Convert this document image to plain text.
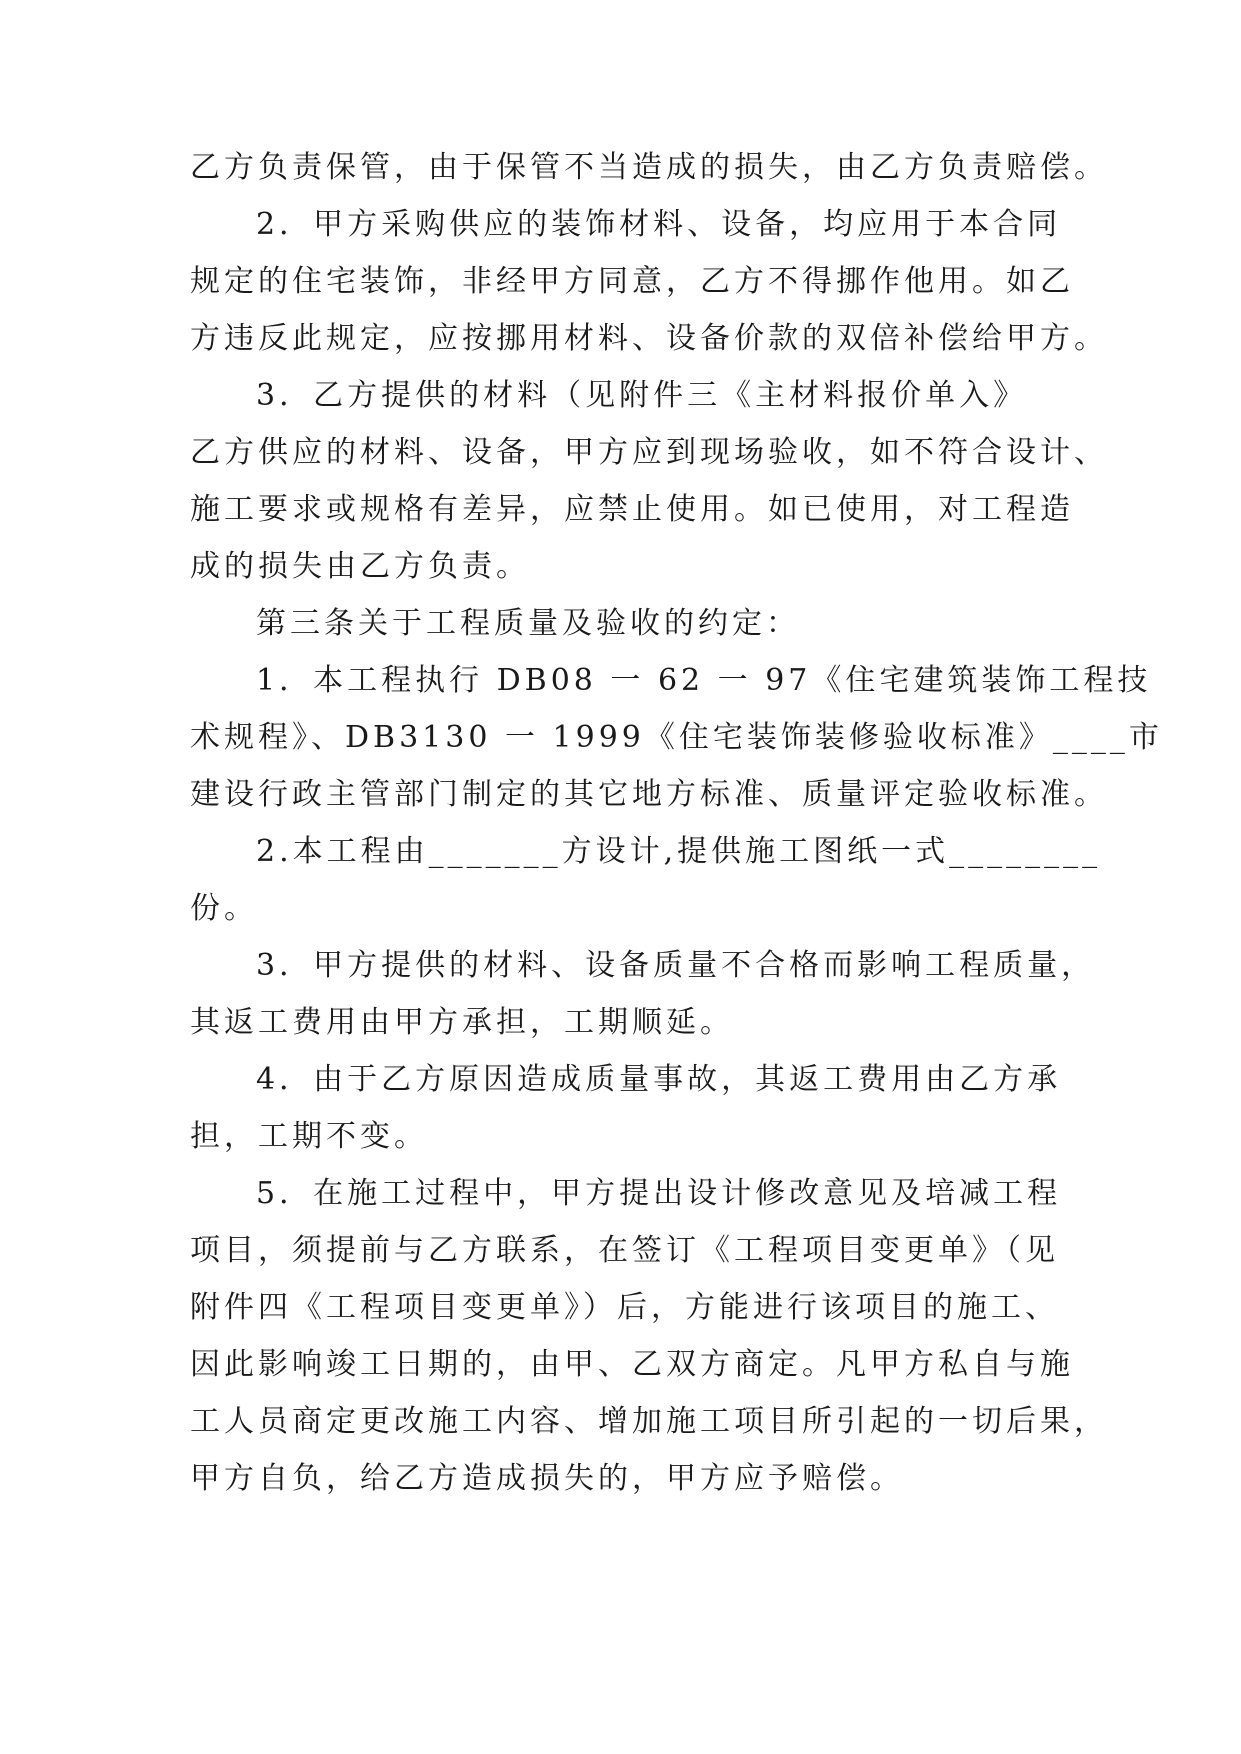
乙方负责保管，由于保管不当造成的损失，由乙方负责赔偿。

2．甲方采购供应的装饰材料、设备，均应用于本合同

规定的住宅装饰，非经甲方同意，乙方不得挪作他用。如乙

方违反此规定，应按挪用材料、设备价款的双倍补偿给甲方。

3．乙方提供的材料（见附件三《主材料报价单入》

乙方供应的材料、设备，甲方应到现场验收，如不符合设计、

施工要求或规格有差异，应禁止使用。如已使用，对工程造

成的损失由乙方负责。

第三条关于工程质量及验收的约定：

1．本工程执行 DB08 一 62 一 97《住宅建筑装饰工程技

术规程》、DB3130 一 1999《住宅装饰装修验收标准》____市

建设行政主管部门制定的其它地方标准、质量评定验收标准。

2.本工程由_______方设计,提供施工图纸一式________

份。

3．甲方提供的材料、设备质量不合格而影响工程质量，

其返工费用由甲方承担，工期顺延。

4．由于乙方原因造成质量事故，其返工费用由乙方承

担，工期不变。

5．在施工过程中，甲方提出设计修改意见及培减工程

项目，须提前与乙方联系，在签订《工程项目变更单》（见

附件四《工程项目变更单》）后，方能进行该项目的施工、

因此影响竣工日期的，由甲、乙双方商定。凡甲方私自与施

工人员商定更改施工内容、增加施工项目所引起的一切后果，

甲方自负，给乙方造成损失的，甲方应予赔偿。
